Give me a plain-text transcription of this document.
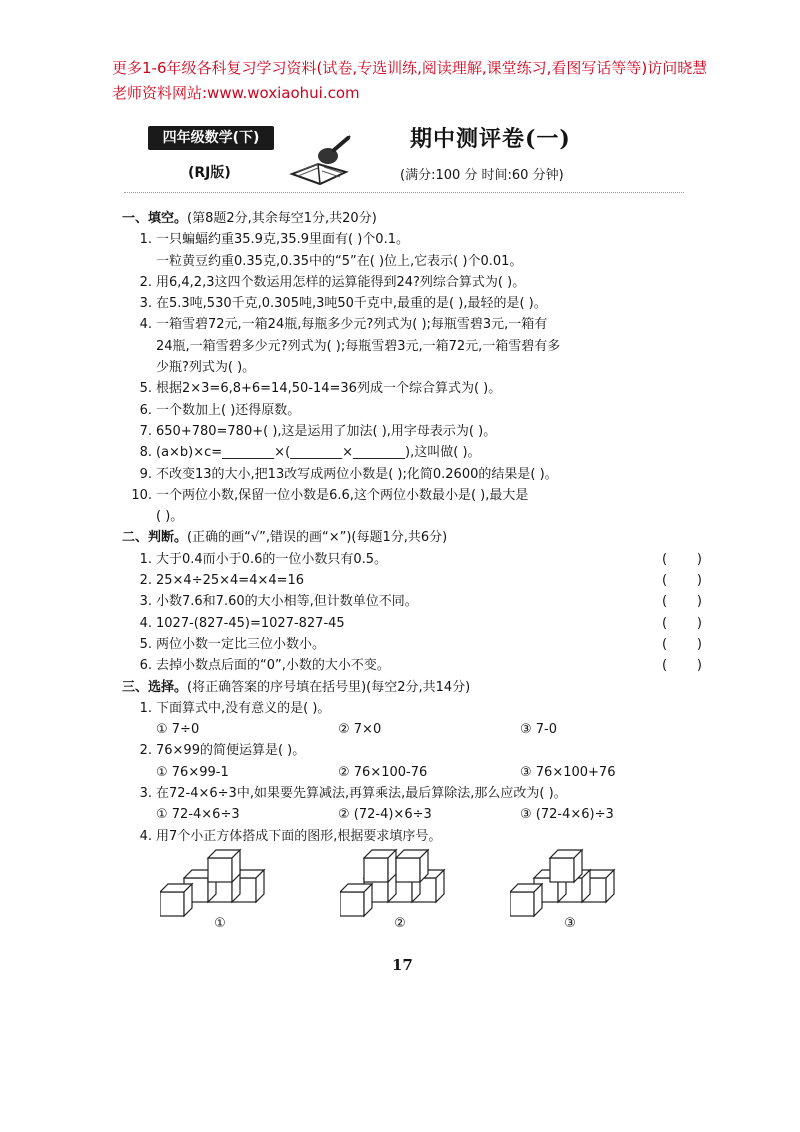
更多1-6年级各科复习学习资料(试卷,专选训练,阅读理解,课堂练习,看图写话等等)访问晓慧老师资料网站:www.woxiaohui.com
四年级数学(下)
(RJ版)
期中测评卷(一)
(满分:100 分 时间:60 分钟)
一、填空。(第8题2分,其余每空1分,共20分)
1. 一只蝙蝠约重35.9克,35.9里面有( )个0.1。
一粒黄豆约重0.35克,0.35中的“5”在( )位上,它表示( )个0.01。
2. 用6,4,2,3这四个数运用怎样的运算能得到24?列综合算式为( )。
3. 在5.3吨,530千克,0.305吨,3吨50千克中,最重的是( ),最轻的是( )。
4. 一箱雪碧72元,一箱24瓶,每瓶多少元?列式为( );每瓶雪碧3元,一箱有
24瓶,一箱雪碧多少元?列式为( );每瓶雪碧3元,一箱72元,一箱雪碧有多
少瓶?列式为( )。
5. 根据2×3=6,8+6=14,50-14=36列成一个综合算式为( )。
6. 一个数加上( )还得原数。
7. 650+780=780+( ),这是运用了加法( ),用字母表示为( )。
8. (a×b)×c=________×(________×________),这叫做( )。
9. 不改变13的大小,把13改写成两位小数是( );化简0.2600的结果是( )。
10. 一个两位小数,保留一位小数是6.6,这个两位小数最小是( ),最大是
( )。
二、判断。(正确的画“√”,错误的画“×”)(每题1分,共6分)
1. 大于0.4而小于0.6的一位小数只有0.5。	( )
2. 25×4÷25×4=4×4=16	( )
3. 小数7.6和7.60的大小相等,但计数单位不同。	( )
4. 1027-(827-45)=1027-827-45	( )
5. 两位小数一定比三位小数小。	( )
6. 去掉小数点后面的“0”,小数的大小不变。	( )
三、选择。(将正确答案的序号填在括号里)(每空2分,共14分)
1. 下面算式中,没有意义的是( )。
① 7÷0	② 7×0	③ 7-0
2. 76×99的简便运算是( )。
① 76×99-1	② 76×100-76	③ 76×100+76
3. 在72-4×6÷3中,如果要先算减法,再算乘法,最后算除法,那么应改为( )。
① 72-4×6÷3	② (72-4)×6÷3	③ (72-4×6)÷3
4. 用7个小正方体搭成下面的图形,根据要求填序号。
①	②	③
17
